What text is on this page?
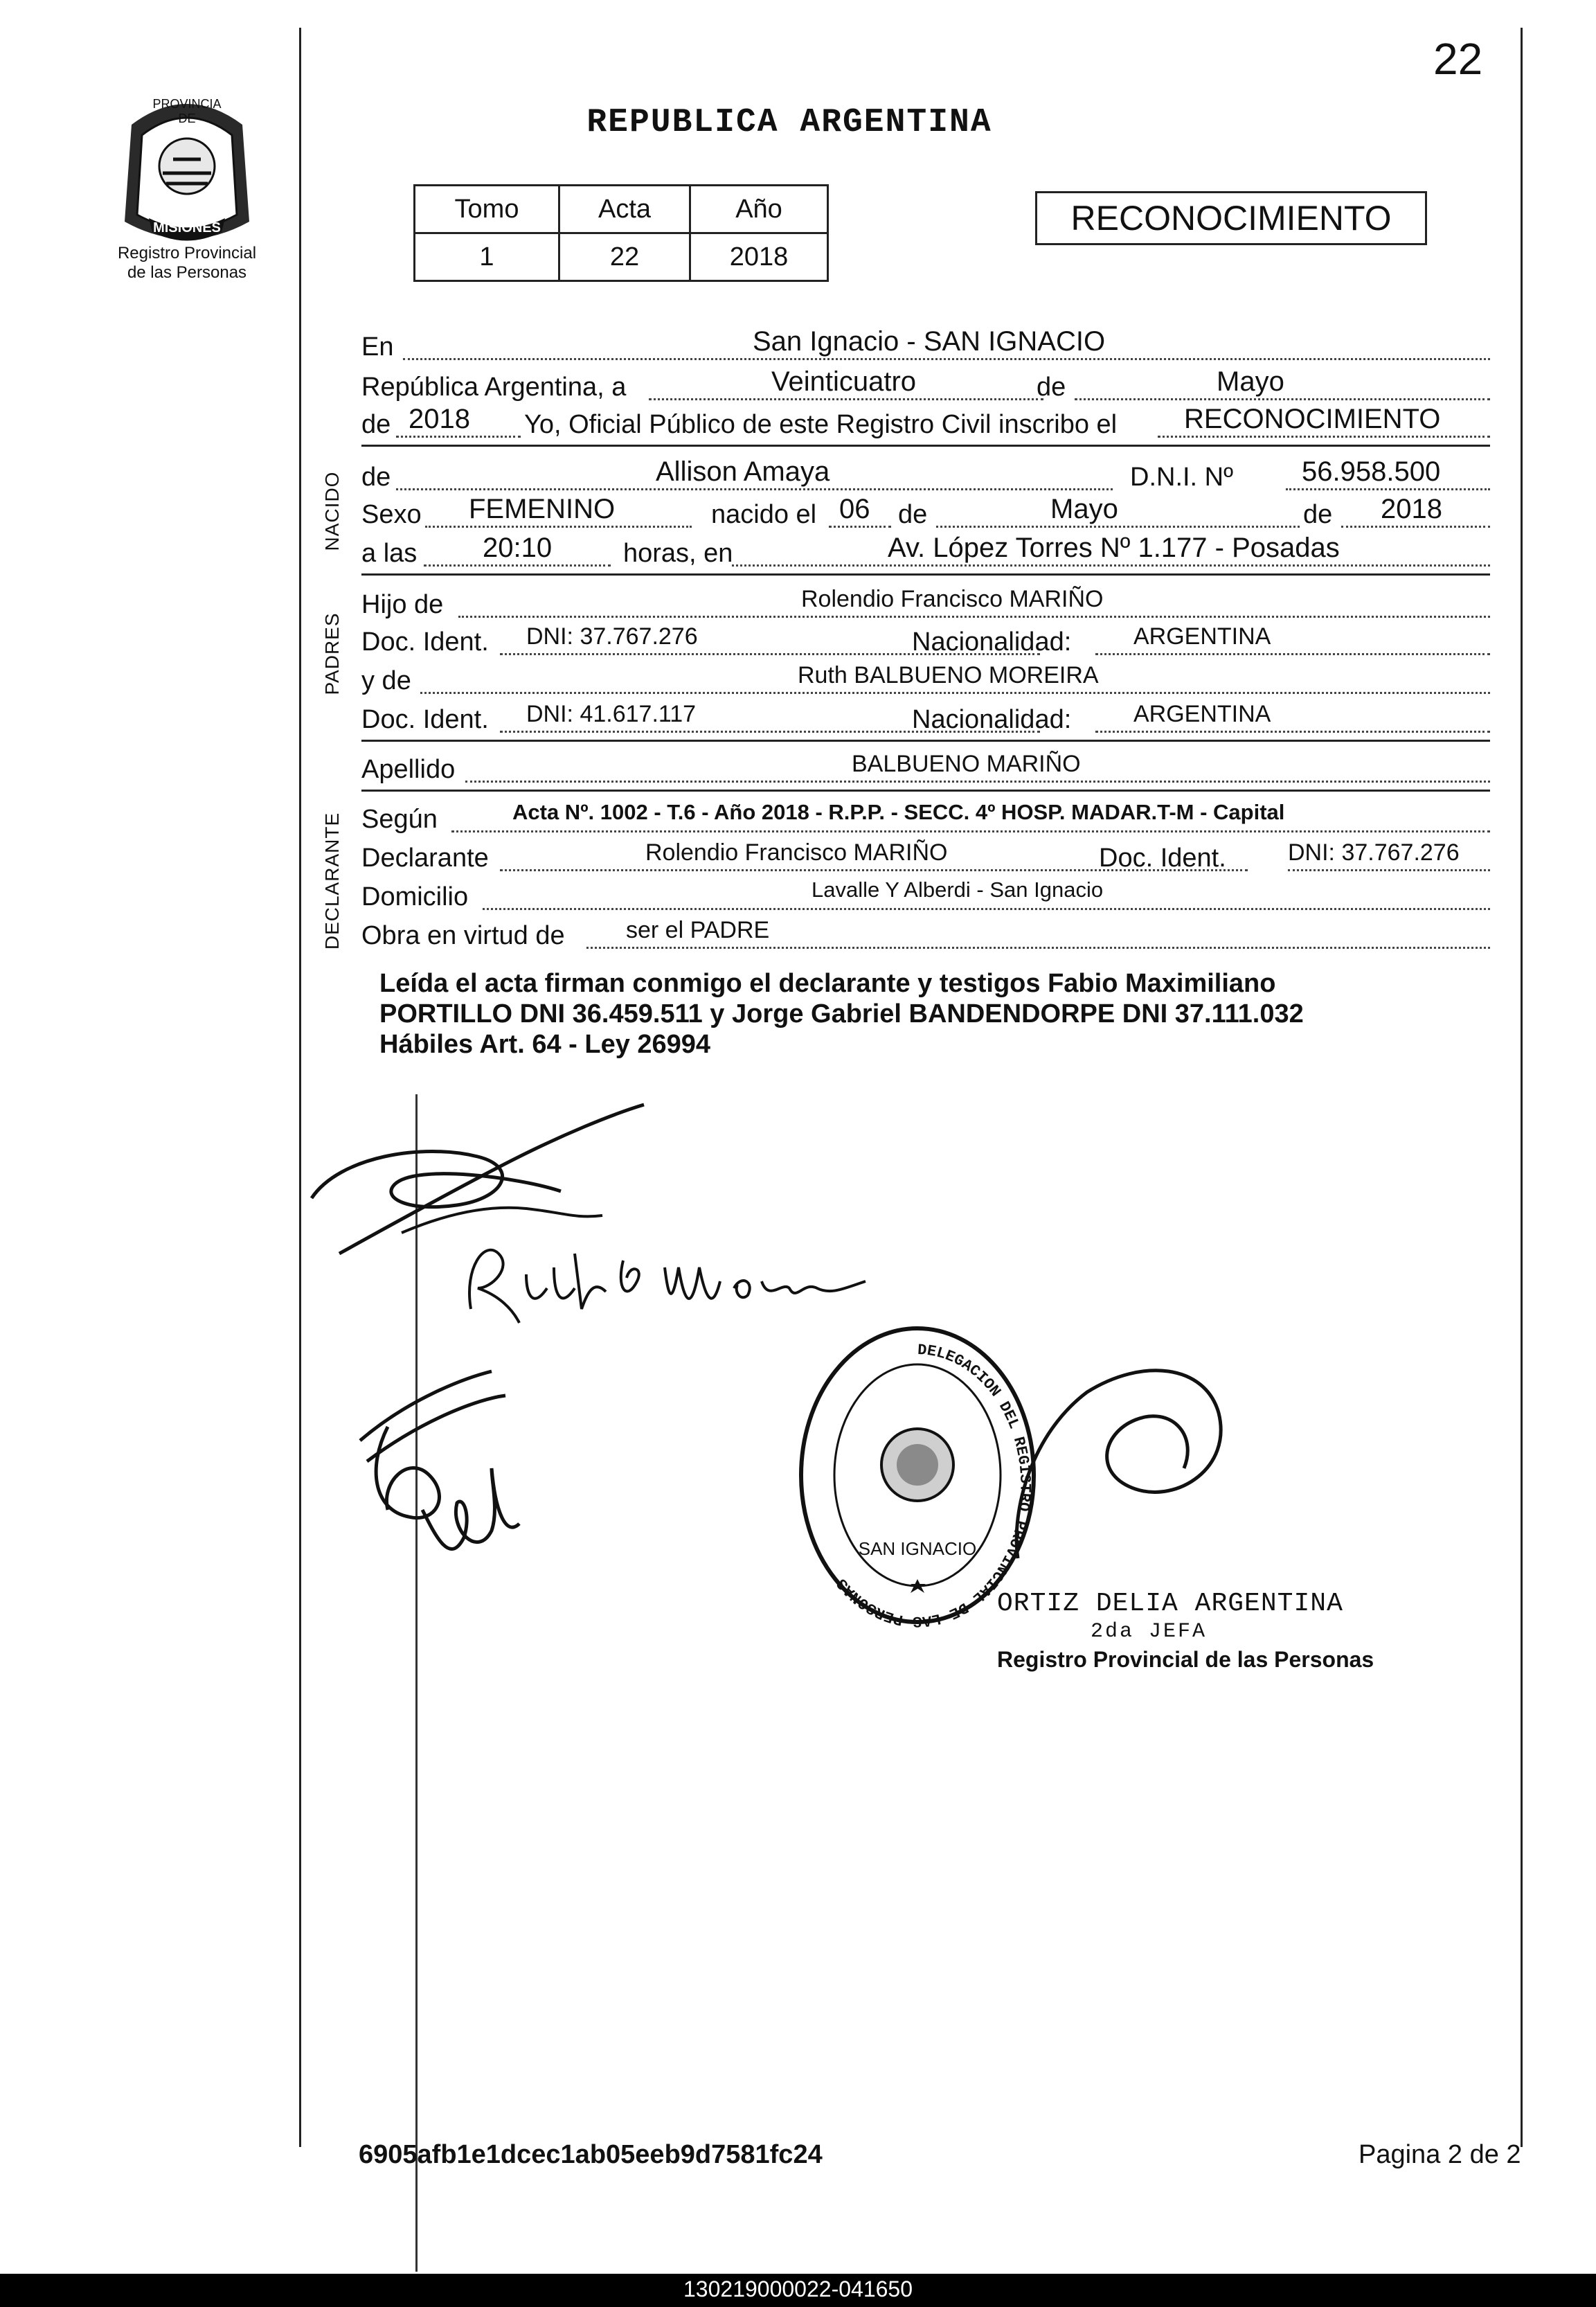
22
PROVINCIA DE
MISIONES
Registro Provincial
de las Personas
REPUBLICA ARGENTINA
Tomo	Acta	Año
1	22	2018
RECONOCIMIENTO
NACIDO
PADRES
DECLARANTE
En	San Ignacio - SAN IGNACIO
República Argentina, a	Veinticuatro	de	Mayo
de 2018 Yo, Oficial Público de este Registro Civil inscribo el RECONOCIMIENTO
de	Allison Amaya	D.N.I. Nº 56.958.500
Sexo FEMENINO	nacido el 06 de	Mayo	de 2018
a las 20:10	horas, en	Av. López Torres Nº 1.177 - Posadas
Hijo de	Rolendio Francisco MARIÑO
Doc. Ident. DNI: 37.767.276	Nacionalidad:	ARGENTINA
y de	Ruth BALBUENO MOREIRA
Doc. Ident. DNI: 41.617.117	Nacionalidad:	ARGENTINA
Apellido	BALBUENO MARIÑO
Según	Acta Nº. 1002 - T.6 - Año 2018 - R.P.P. - SECC. 4º HOSP. MADAR.T-M - Capital
Declarante	Rolendio Francisco MARIÑO	Doc. Ident.	DNI: 37.767.276
Domicilio	Lavalle Y Alberdi - San Ignacio
Obra en virtud de	ser el PADRE
Leída el acta firman conmigo el declarante y testigos Fabio Maximiliano
PORTILLO DNI 36.459.511 y Jorge Gabriel BANDENDORPE DNI 37.111.032
Hábiles Art. 64 - Ley 26994
DELEGACION DEL REGISTRO PROVINCIAL DE LAS PERSONAS
SAN IGNACIO
ORTIZ DELIA ARGENTINA
2da JEFA
Registro Provincial de las Personas
6905afb1e1dcec1ab05eeb9d7581fc24	Pagina 2 de 2
130219000022-041650
